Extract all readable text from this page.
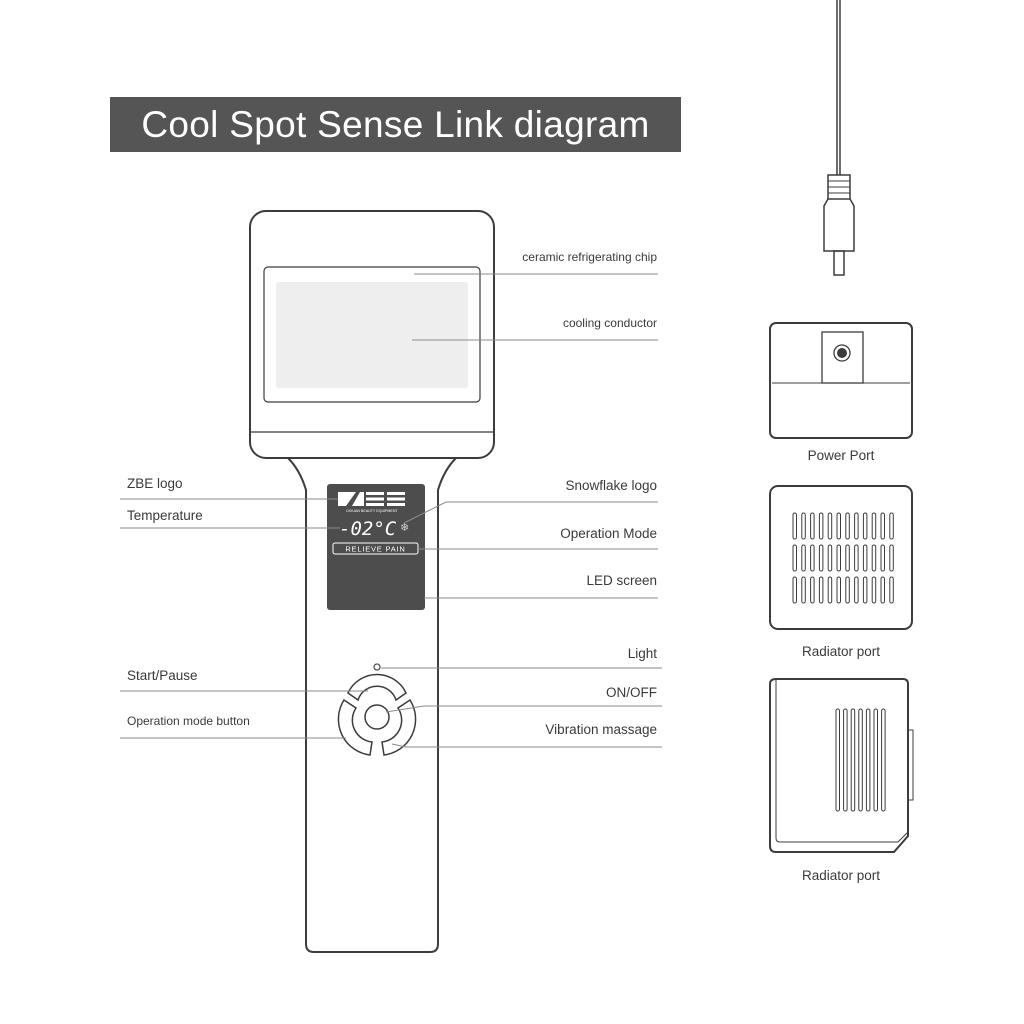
Cool Spot Sense Link diagram
DIXUAN BEAUTY EQUIPMENT
-02°C ❄
RELIEVE PAIN
ceramic refrigerating chip
cooling conductor
Snowflake logo
Operation Mode
LED screen
Light
ON/OFF
Vibration massage
ZBE logo
Temperature
Start/Pause
Operation mode button
Power Port
Radiator port
Radiator port
